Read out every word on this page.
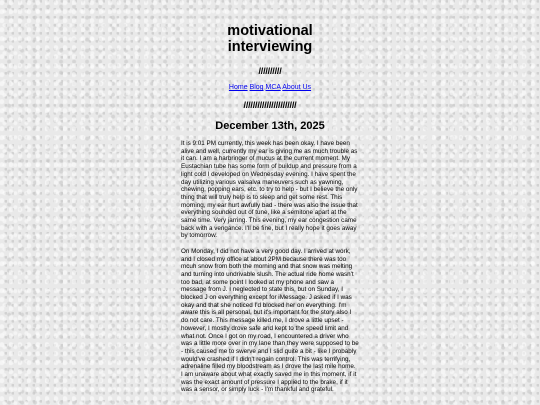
motivational
interviewing
//////////
Home Blog MCA About Us
///////////////////////
December 13th, 2025

It is 9:01 PM currently, this week has been okay. I have been alive and well, currently my ear is giving me as much trouble as it can. I am a harbringer of mucus at the current moment. My Eustachian tube has some form of buildup and pressure from a light cold I developed on Wednesday evening. I have spent the day utilizing various valsalva maneuvers such as yawning, chewing, popping ears, etc. to try to help - but I believe the only thing that will truly help is to sleep and get some rest. This morning, my ear hurt awfully bad - there was also the issue that everything sounded out of tune, like a semitone apart at the same time. Very jarring. This evening, my ear congestion came back with a vengance. I'll be fine, but I really hope it goes away by tomorrow.

On Monday, I did not have a very good day. I arrived at work, and I closed my office at about 2PM because there was too mcuh snow from both the morning and that snow was melting and turning into undrivable slush. The actual ride home wasn't too bad, at some point I looked at my phone and saw a message from J. I neglected to state this, but on Sunday, I blocked J on everything except for iMessage. J asked if I was okay and that she noticed I'd blocked her on everything. I'm aware this is all personal, but it's important for the story also I do not care. This message killed me, I drove a little upset - however, I mostly drove safe and kept to the speed limit and what not. Once I got on my road, I encountered a driver who was a little more over in my lane than they were supposed to be - this caused me to swerve and I slid quite a bit - like I probably would've crashed if I didn't regain control. This was terrifying, adrenaline filled my bloodstream as I drove the last mile home. I am unaware about what exactly saved me in this moment, if it was the exact amount of pressure I applied to the brake, if it was a sensor, or simply luck - I'm thankful and grateful.
